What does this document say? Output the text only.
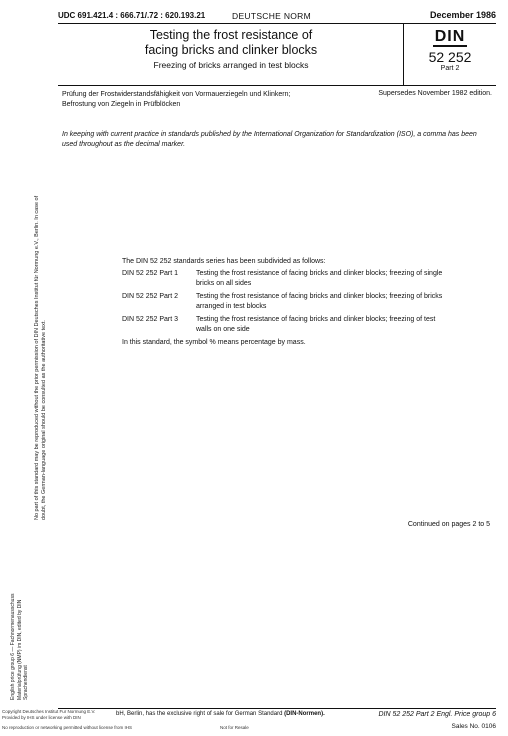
UDC 691.421.4 : 666.71/.72 : 620.193.21	DEUTSCHE NORM	December 1986
Testing the frost resistance of
facing bricks and clinker blocks
Freezing of bricks arranged in test blocks
DIN
52 252
Part 2
Prüfung der Frostwiderstandsfähigkeit von Vormauerziegeln und Klinkern; Befrostung von Ziegeln in Prüfblöcken
Supersedes November 1982 edition.
In keeping with current practice in standards published by the International Organization for Standardization (ISO), a comma has been used throughout as the decimal marker.
The DIN 52 252 standards series has been subdivided as follows:
DIN 52 252 Part 1	Testing the frost resistance of facing bricks and clinker blocks; freezing of single bricks on all sides
DIN 52 252 Part 2	Testing the frost resistance of facing bricks and clinker blocks; freezing of bricks arranged in test blocks
DIN 52 252 Part 3	Testing the frost resistance of facing bricks and clinker blocks; freezing of test walls on one side
In this standard, the symbol % means percentage by mass.
Continued on pages 2 to 5
No part of this standard may be reproduced without the prior permission of DIN Deutsches Institut für Normung e.V., Berlin. In case of doubt, the German-language original should be consulted as the authoritative text.
English price group 6 — Fachnormenausschuss Materialprüfung (NMP) im DIN, edited by DIN Sprachendienst
Copyright Deutsches Institut Fur Normung E.V. Provided by IHS under license with DIN	bH, Berlin, has the exclusive right of sale for German Standard (DIN-Normen).	DIN 52 252 Part 2 Engl. Price group 6
Sales No. 0106
No reproduction or networking permitted without license from IHS	Not for Resale
